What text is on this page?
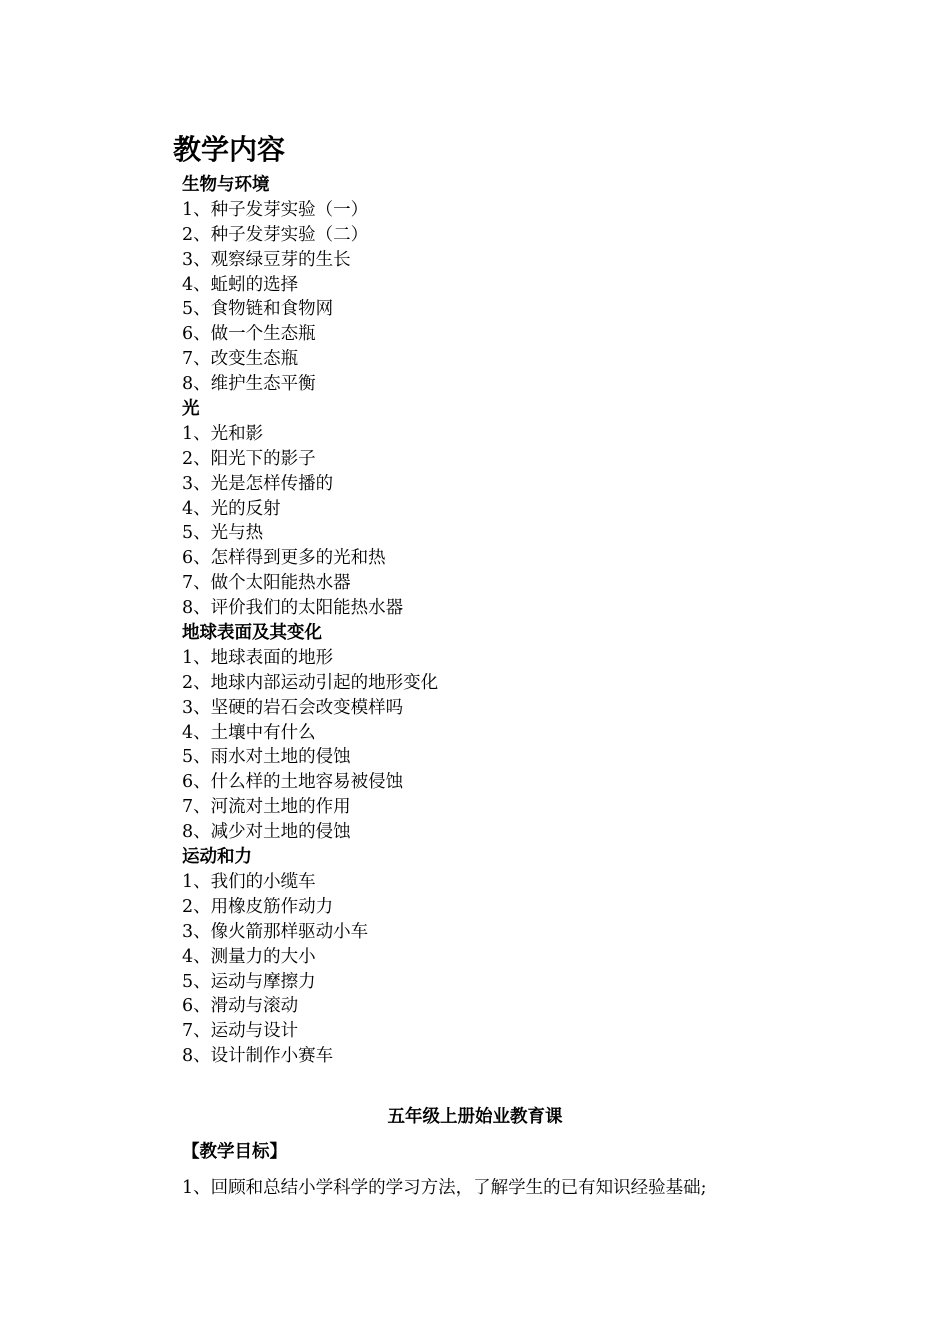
教学内容
生物与环境
1、种子发芽实验（一）
2、种子发芽实验（二）
3、观察绿豆芽的生长
4、蚯蚓的选择
5、食物链和食物网
6、做一个生态瓶
7、改变生态瓶
8、维护生态平衡
光
1、光和影
2、阳光下的影子
3、光是怎样传播的
4、光的反射
5、光与热
6、怎样得到更多的光和热
7、做个太阳能热水器
8、评价我们的太阳能热水器
地球表面及其变化
1、地球表面的地形
2、地球内部运动引起的地形变化
3、坚硬的岩石会改变模样吗
4、土壤中有什么
5、雨水对土地的侵蚀
6、什么样的土地容易被侵蚀
7、河流对土地的作用
8、减少对土地的侵蚀
运动和力
1、我们的小缆车
2、用橡皮筋作动力
3、像火箭那样驱动小车
4、测量力的大小
5、运动与摩擦力
6、滑动与滚动
7、运动与设计
8、设计制作小赛车
五年级上册始业教育课
【教学目标】
1、回顾和总结小学科学的学习方法，了解学生的已有知识经验基础;
